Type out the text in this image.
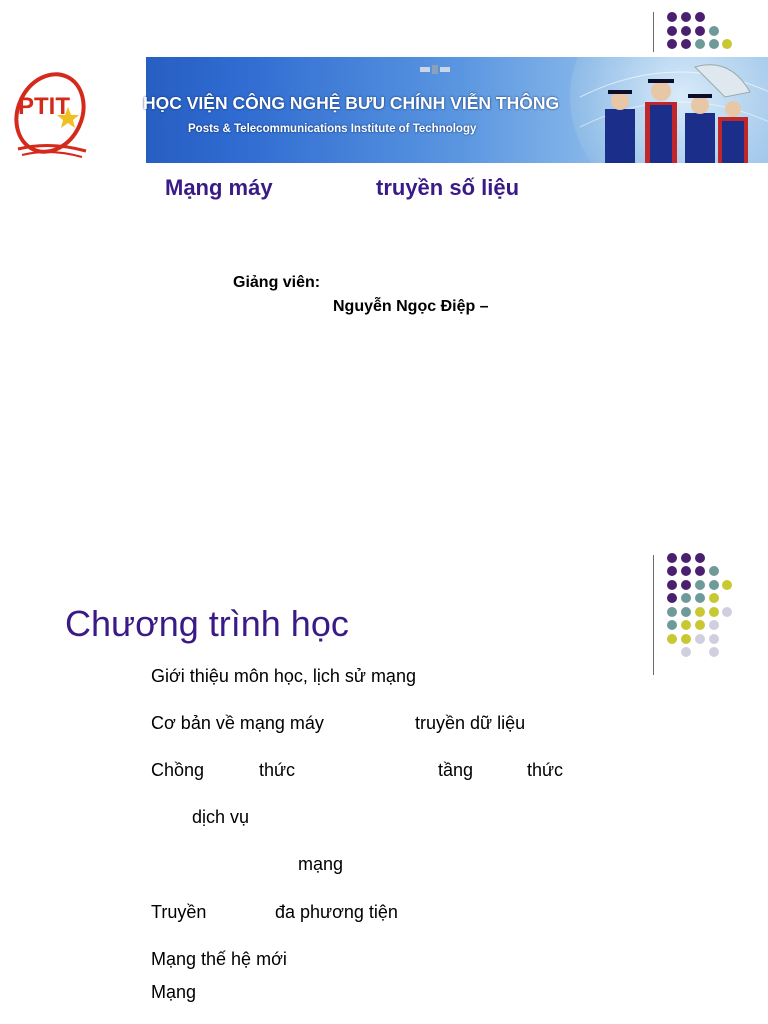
PTIT	HỌC VIỆN CÔNG NGHỆ BƯU CHÍNH VIỄN THÔNG
Posts & Telecommunications Institute of Technology
Mạng máy	truyền số liệu
Giảng viên:
Nguyễn Ngọc Điệp –
Chương trình học
Giới thiệu môn học, lịch sử mạng
Cơ bản về mạng máy	truyền dữ liệu
Chồng	thức	tầng	thức
dịch vụ
mạng
Truyền	đa phương tiện
Mạng thế hệ mới
Mạng
